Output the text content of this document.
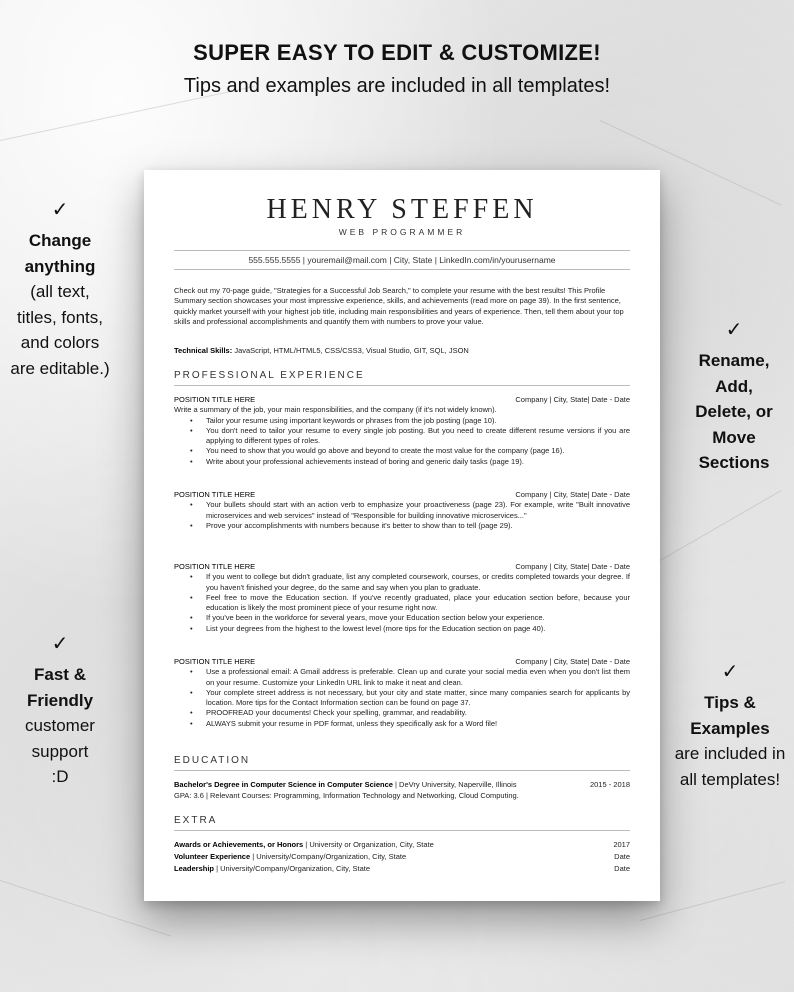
SUPER EASY TO EDIT & CUSTOMIZE!
Tips and examples are included in all templates!
✓
Change
anything
(all text,
titles, fonts,
and colors
are editable.)
✓
Rename,
Add,
Delete, or
Move
Sections
✓
Fast &
Friendly
customer
support
:D
✓
Tips &
Examples
are included in
all templates!
HENRY STEFFEN
WEB PROGRAMMER
555.555.5555 | youremail@mail.com | City, State | LinkedIn.com/in/yourusername
Check out my 70-page guide, "Strategies for a Successful Job Search," to complete your resume with the best results! This Profile Summary section showcases your most impressive experience, skills, and achievements (read more on page 39). In the first sentence, quickly market yourself with your highest job title, including main responsibilities and years of experience. Then, tell them about your top skills and professional accomplishments and quantify them with numbers to prove your value.
Technical Skills: JavaScript, HTML/HTML5, CSS/CSS3, Visual Studio, GIT, SQL, JSON
PROFESSIONAL EXPERIENCE
POSITION TITLE HERE	Company | City, State| Date - Date
Write a summary of the job, your main responsibilities, and the company (if it's not widely known).
• Tailor your resume using important keywords or phrases from the job posting (page 10).
• You don't need to tailor your resume to every single job posting. But you need to create different resume versions if you are applying to different types of roles.
• You need to show that you would go above and beyond to create the most value for the company (page 16).
• Write about your professional achievements instead of boring and generic daily tasks (page 19).
POSITION TITLE HERE	Company | City, State| Date - Date
• Your bullets should start with an action verb to emphasize your proactiveness (page 23). For example, write "Built innovative microservices and web services" instead of "Responsible for building innovative microservices..."
• Prove your accomplishments with numbers because it's better to show than to tell (page 29).
POSITION TITLE HERE	Company | City, State| Date - Date
• If you went to college but didn't graduate, list any completed coursework, courses, or credits completed towards your degree. If you haven't finished your degree, do the same and say when you plan to graduate.
• Feel free to move the Education section. If you've recently graduated, place your education section before, because your education is likely the most prominent piece of your resume right now.
• If you've been in the workforce for several years, move your Education section below your experience.
• List your degrees from the highest to the lowest level (more tips for the Education section on page 40).
POSITION TITLE HERE	Company | City, State| Date - Date
• Use a professional email: A Gmail address is preferable. Clean up and curate your social media even when you don't list them on your resume. Customize your LinkedIn URL link to make it neat and clean.
• Your complete street address is not necessary, but your city and state matter, since many companies search for applicants by location. More tips for the Contact Information section can be found on page 37.
• PROOFREAD your documents! Check your spelling, grammar, and readability.
• ALWAYS submit your resume in PDF format, unless they specifically ask for a Word file!
EDUCATION
Bachelor's Degree in Computer Science in Computer Science | DeVry University, Naperville, Illinois	2015 - 2018
GPA: 3.6 | Relevant Courses: Programming, Information Technology and Networking, Cloud Computing.
EXTRA
Awards or Achievements, or Honors | University or Organization, City, State	2017
Volunteer Experience | University/Company/Organization, City, State	Date
Leadership | University/Company/Organization, City, State	Date
